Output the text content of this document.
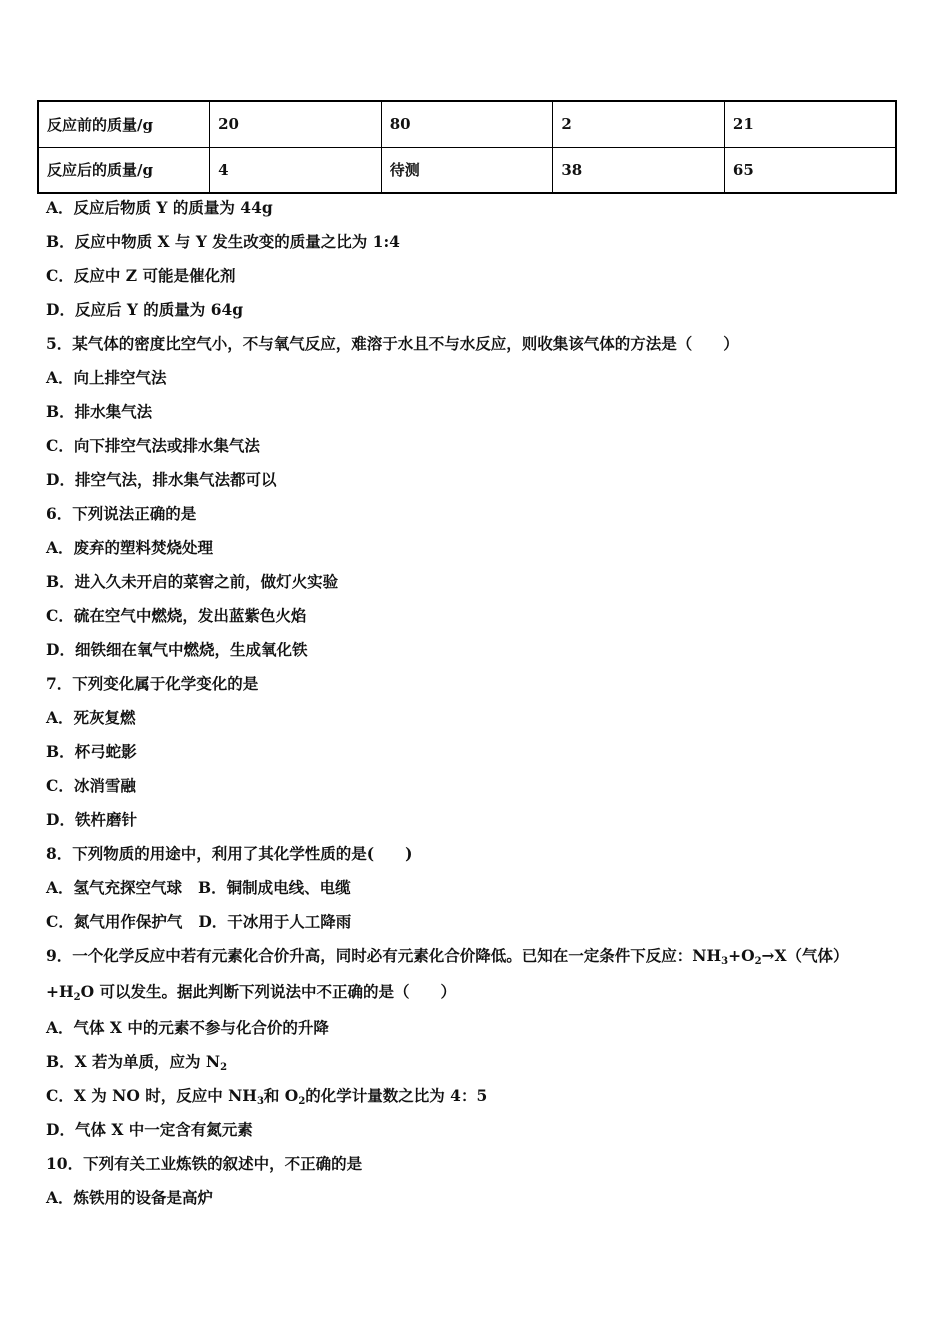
反应前的质量/g	20	80	2	21
反应后的质量/g	4	待测	38	65
A．反应后物质 Y 的质量为 44g
B．反应中物质 X 与 Y 发生改变的质量之比为 1:4
C．反应中 Z 可能是催化剂
D．反应后 Y 的质量为 64g
5．某气体的密度比空气小，不与氧气反应，难溶于水且不与水反应，则收集该气体的方法是（　　）
A．向上排空气法
B．排水集气法
C．向下排空气法或排水集气法
D．排空气法，排水集气法都可以
6．下列说法正确的是
A．废弃的塑料焚烧处理
B．进入久未开启的菜窖之前，做灯火实验
C．硫在空气中燃烧，发出蓝紫色火焰
D．细铁细在氧气中燃烧，生成氧化铁
7．下列变化属于化学变化的是
A．死灰复燃
B．杯弓蛇影
C．冰消雪融
D．铁杵磨针
8．下列物质的用途中，利用了其化学性质的是(　　)
A．氢气充探空气球 B．铜制成电线、电缆
C．氮气用作保护气 D．干冰用于人工降雨
9．一个化学反应中若有元素化合价升高，同时必有元素化合价降低。已知在一定条件下反应：$NH_3+O_2\to X$（气体）
$+H_2O$ 可以发生。据此判断下列说法中不正确的是（　　）
A．气体 X 中的元素不参与化合价的升降
B．X 若为单质，应为 $N_2$
C．X 为 NO 时，反应中 $NH_3$和 $O_2$的化学计量数之比为 4：5
D．气体 X 中一定含有氮元素
10．下列有关工业炼铁的叙述中，不正确的是
A．炼铁用的设备是高炉
